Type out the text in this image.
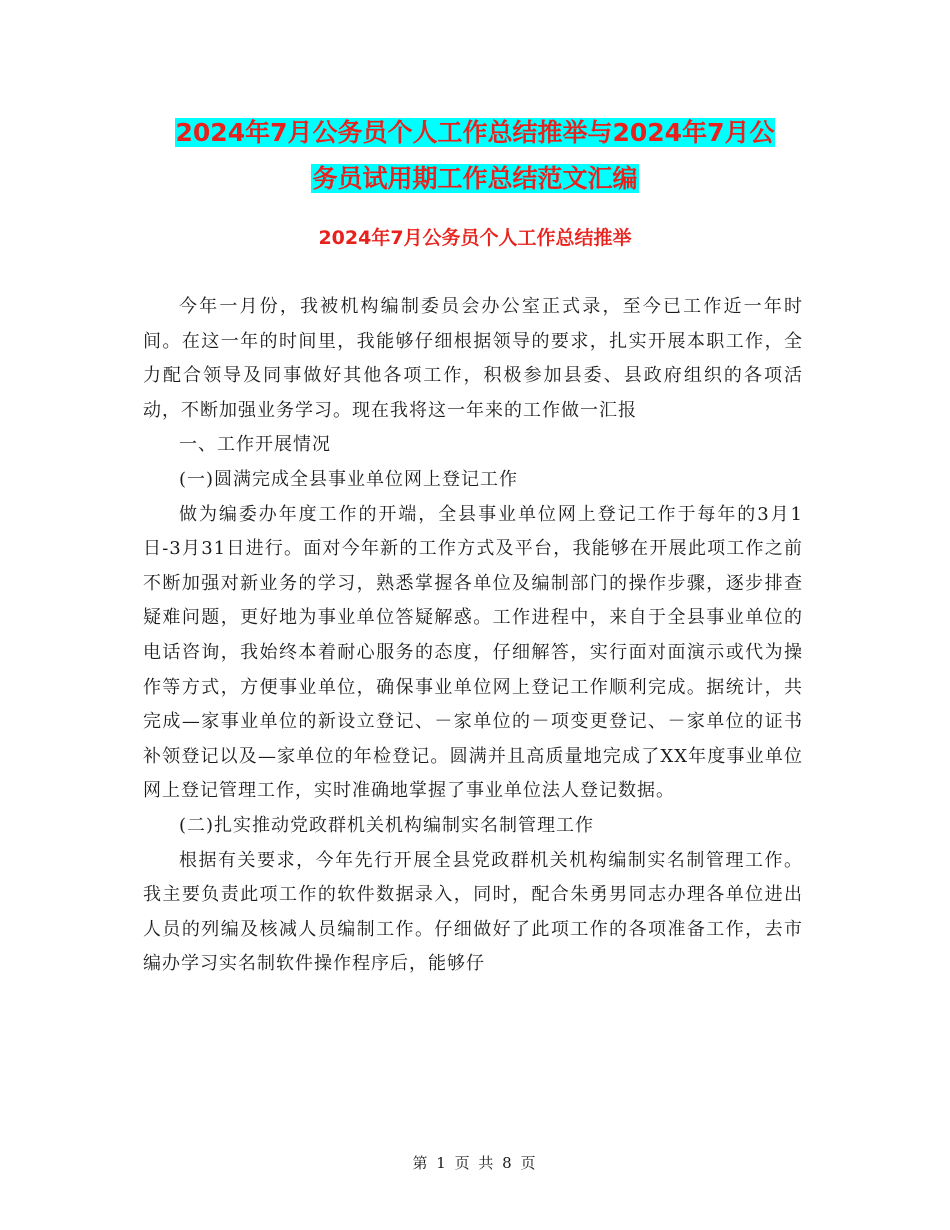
2024年7月公务员个人工作总结推举与2024年7月公
务员试用期工作总结范文汇编
2024年7月公务员个人工作总结推举

今年一月份，我被机构编制委员会办公室正式录，至今已工作近一年时间。在这一年的时间里，我能够仔细根据领导的要求，扎实开展本职工作，全力配合领导及同事做好其他各项工作，积极参加县委、县政府组织的各项活动，不断加强业务学习。现在我将这一年来的工作做一汇报

一、工作开展情况

(一)圆满完成全县事业单位网上登记工作

做为编委办年度工作的开端，全县事业单位网上登记工作于每年的3月1日-3月31日进行。面对今年新的工作方式及平台，我能够在开展此项工作之前不断加强对新业务的学习，熟悉掌握各单位及编制部门的操作步骤，逐步排查疑难问题，更好地为事业单位答疑解惑。工作进程中，来自于全县事业单位的电话咨询，我始终本着耐心服务的态度，仔细解答，实行面对面演示或代为操作等方式，方便事业单位，确保事业单位网上登记工作顺利完成。据统计，共完成—家事业单位的新设立登记、－家单位的－项变更登记、－家单位的证书补领登记以及—家单位的年检登记。圆满并且高质量地完成了XX年度事业单位网上登记管理工作，实时准确地掌握了事业单位法人登记数据。

(二)扎实推动党政群机关机构编制实名制管理工作

根据有关要求，今年先行开展全县党政群机关机构编制实名制管理工作。我主要负责此项工作的软件数据录入，同时，配合朱勇男同志办理各单位进出人员的列编及核减人员编制工作。仔细做好了此项工作的各项准备工作，去市编办学习实名制软件操作程序后，能够仔

第 1 页 共 8 页
